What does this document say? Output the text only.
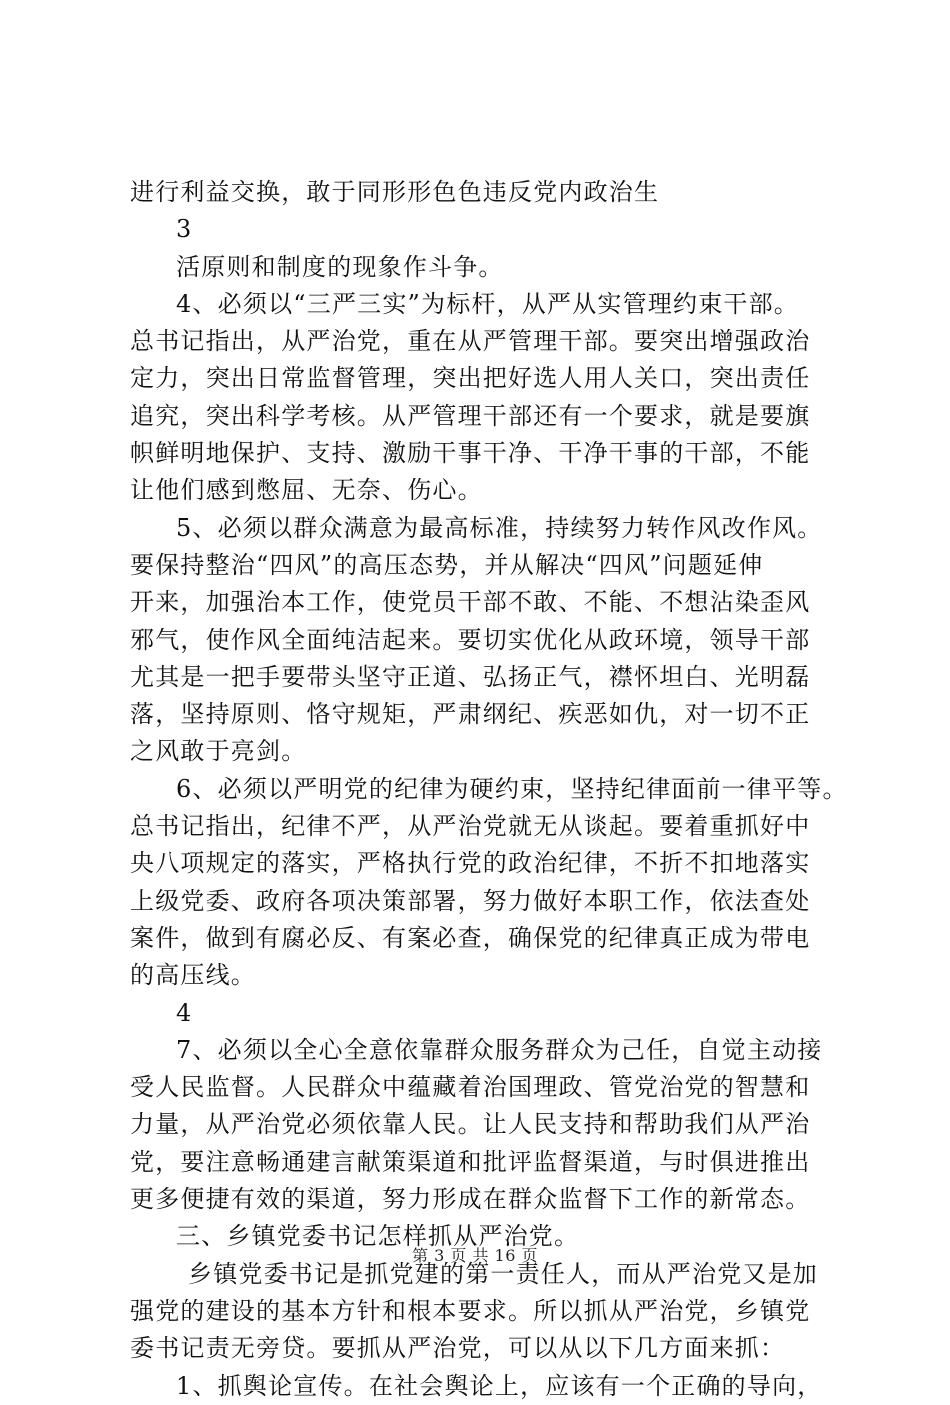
进行利益交换，敢于同形形色色违反党内政治生
3
活原则和制度的现象作斗争。
4、必须以“三严三实”为标杆，从严从实管理约束干部。
总书记指出，从严治党，重在从严管理干部。要突出增强政治
定力，突出日常监督管理，突出把好选人用人关口，突出责任
追究，突出科学考核。从严管理干部还有一个要求，就是要旗
帜鲜明地保护、支持、激励干事干净、干净干事的干部，不能
让他们感到憋屈、无奈、伤心。
5、必须以群众满意为最高标准，持续努力转作风改作风。
要保持整治“四风”的高压态势，并从解决“四风”问题延伸
开来，加强治本工作，使党员干部不敢、不能、不想沾染歪风
邪气，使作风全面纯洁起来。要切实优化从政环境，领导干部
尤其是一把手要带头坚守正道、弘扬正气，襟怀坦白、光明磊
落，坚持原则、恪守规矩，严肃纲纪、疾恶如仇，对一切不正
之风敢于亮剑。
6、必须以严明党的纪律为硬约束，坚持纪律面前一律平等。
总书记指出，纪律不严，从严治党就无从谈起。要着重抓好中
央八项规定的落实，严格执行党的政治纪律，不折不扣地落实
上级党委、政府各项决策部署，努力做好本职工作，依法查处
案件，做到有腐必反、有案必查，确保党的纪律真正成为带电
的高压线。
4
7、必须以全心全意依靠群众服务群众为己任，自觉主动接
受人民监督。人民群众中蕴藏着治国理政、管党治党的智慧和
力量，从严治党必须依靠人民。让人民支持和帮助我们从严治
党，要注意畅通建言献策渠道和批评监督渠道，与时俱进推出
更多便捷有效的渠道，努力形成在群众监督下工作的新常态。
三、乡镇党委书记怎样抓从严治党。
乡镇党委书记是抓党建的第一责任人，而从严治党又是加
强党的建设的基本方针和根本要求。所以抓从严治党，乡镇党
委书记责无旁贷。要抓从严治党，可以从以下几方面来抓：
1、抓舆论宣传。在社会舆论上，应该有一个正确的导向，
第 3 页 共 16 页
